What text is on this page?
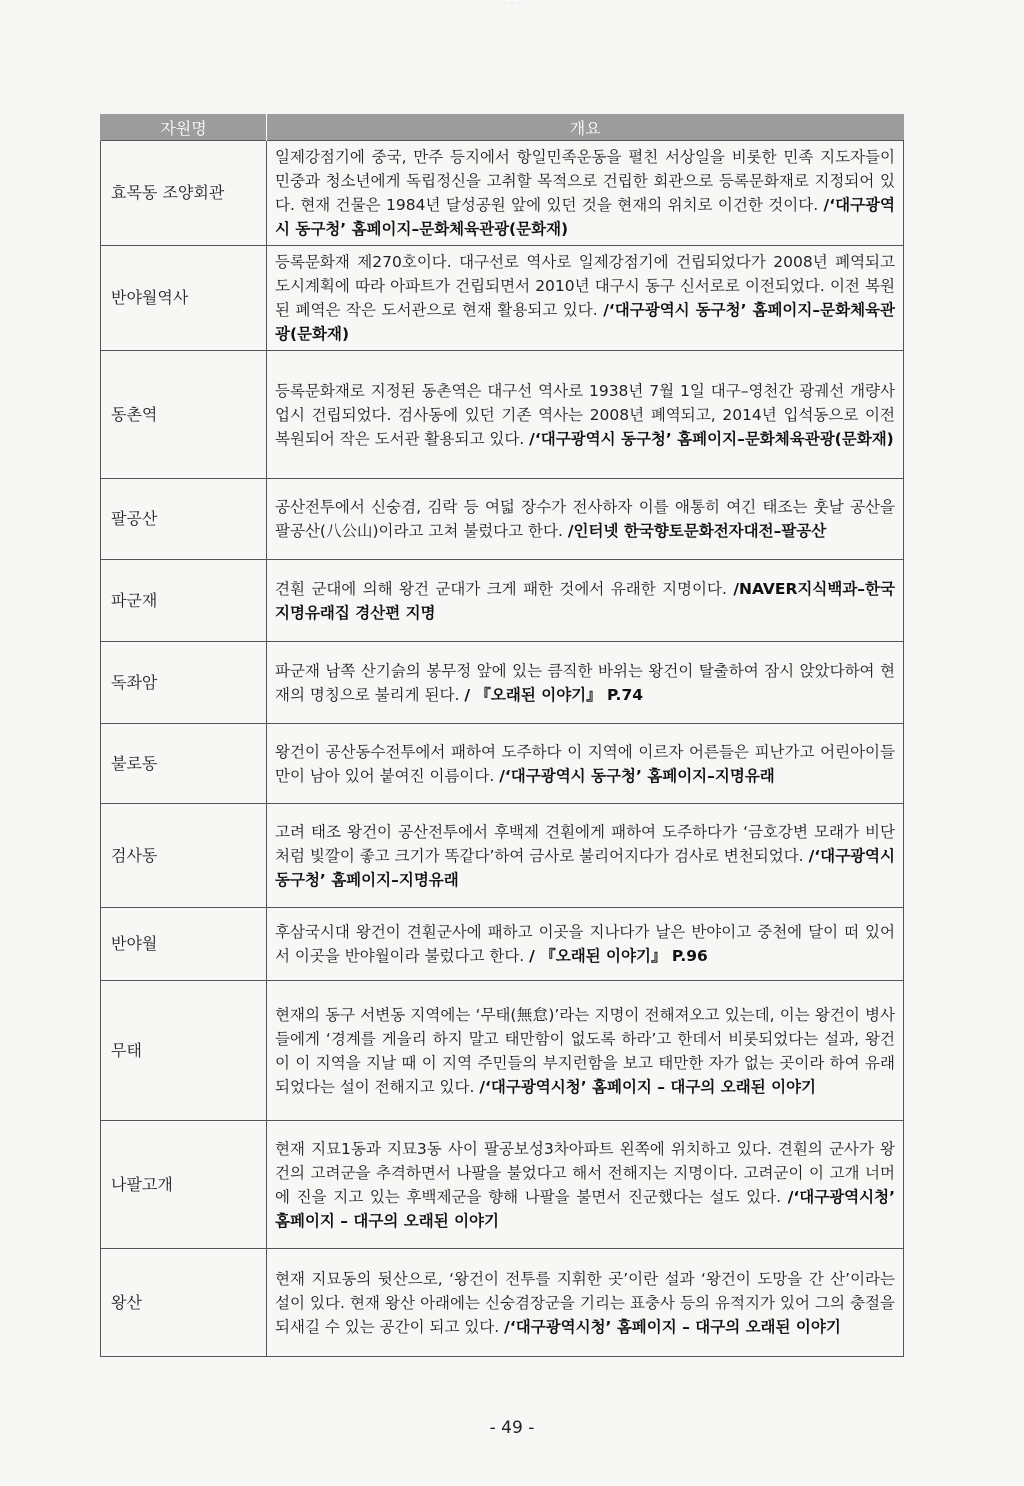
· · ·
자원명	개요
효목동 조양회관	일제강점기에 중국, 만주 등지에서 항일민족운동을 펼친 서상일을 비롯한 민족 지도자들이 민중과 청소년에게 독립정신을 고취할 목적으로 건립한 회관으로 등록문화재로 지정되어 있다. 현재 건물은 1984년 달성공원 앞에 있던 것을 현재의 위치로 이건한 것이다. /‘대구광역시 동구청’ 홈페이지–문화체육관광(문화재)
반야월역사	등록문화재 제270호이다. 대구선로 역사로 일제강점기에 건립되었다가 2008년 폐역되고 도시계획에 따라 아파트가 건립되면서 2010년 대구시 동구 신서로로 이전되었다. 이전 복원된 폐역은 작은 도서관으로 현재 활용되고 있다. /‘대구광역시 동구청’ 홈페이지–문화체육관광(문화재)
동촌역	등록문화재로 지정된 동촌역은 대구선 역사로 1938년 7월 1일 대구–영천간 광궤선 개량사업시 건립되었다. 검사동에 있던 기존 역사는 2008년 폐역되고, 2014년 입석동으로 이전 복원되어 작은 도서관 활용되고 있다. /‘대구광역시 동구청’ 홈페이지–문화체육관광(문화재)
팔공산	공산전투에서 신숭겸, 김락 등 여덟 장수가 전사하자 이를 애통히 여긴 태조는 훗날 공산을 팔공산(八公山)이라고 고쳐 불렀다고 한다. /인터넷 한국향토문화전자대전–팔공산
파군재	견훤 군대에 의해 왕건 군대가 크게 패한 것에서 유래한 지명이다. /NAVER지식백과–한국지명유래집 경산편 지명
독좌암	파군재 남쪽 산기슭의 봉무정 앞에 있는 큼직한 바위는 왕건이 탈출하여 잠시 앉았다하여 현재의 명칭으로 불리게 된다. / 『오래된 이야기』 P.74
불로동	왕건이 공산동수전투에서 패하여 도주하다 이 지역에 이르자 어른들은 피난가고 어린아이들만이 남아 있어 붙여진 이름이다. /‘대구광역시 동구청’ 홈페이지–지명유래
검사동	고려 태조 왕건이 공산전투에서 후백제 견훤에게 패하여 도주하다가 ‘금호강변 모래가 비단처럼 빛깔이 좋고 크기가 똑같다’하여 금사로 불리어지다가 검사로 변천되었다. /‘대구광역시 동구청’ 홈페이지–지명유래
반야월	후삼국시대 왕건이 견훤군사에 패하고 이곳을 지나다가 날은 반야이고 중천에 달이 떠 있어서 이곳을 반야월이라 불렀다고 한다. / 『오래된 이야기』 P.96
무태	현재의 동구 서변동 지역에는 ‘무태(無怠)’라는 지명이 전해져오고 있는데, 이는 왕건이 병사들에게 ‘경계를 게을리 하지 말고 태만함이 없도록 하라’고 한데서 비롯되었다는 설과, 왕건이 이 지역을 지날 때 이 지역 주민들의 부지런함을 보고 태만한 자가 없는 곳이라 하여 유래되었다는 설이 전해지고 있다. /‘대구광역시청’ 홈페이지 – 대구의 오래된 이야기
나팔고개	현재 지묘1동과 지묘3동 사이 팔공보성3차아파트 왼쪽에 위치하고 있다. 견훤의 군사가 왕건의 고려군을 추격하면서 나팔을 불었다고 해서 전해지는 지명이다. 고려군이 이 고개 너머에 진을 지고 있는 후백제군을 향해 나팔을 불면서 진군했다는 설도 있다. /‘대구광역시청’ 홈페이지 – 대구의 오래된 이야기
왕산	현재 지묘동의 뒷산으로, ‘왕건이 전투를 지휘한 곳’이란 설과 ‘왕건이 도망을 간 산’이라는 설이 있다. 현재 왕산 아래에는 신숭겸장군을 기리는 표충사 등의 유적지가 있어 그의 충절을 되새길 수 있는 공간이 되고 있다. /‘대구광역시청’ 홈페이지 – 대구의 오래된 이야기
- 49 -
